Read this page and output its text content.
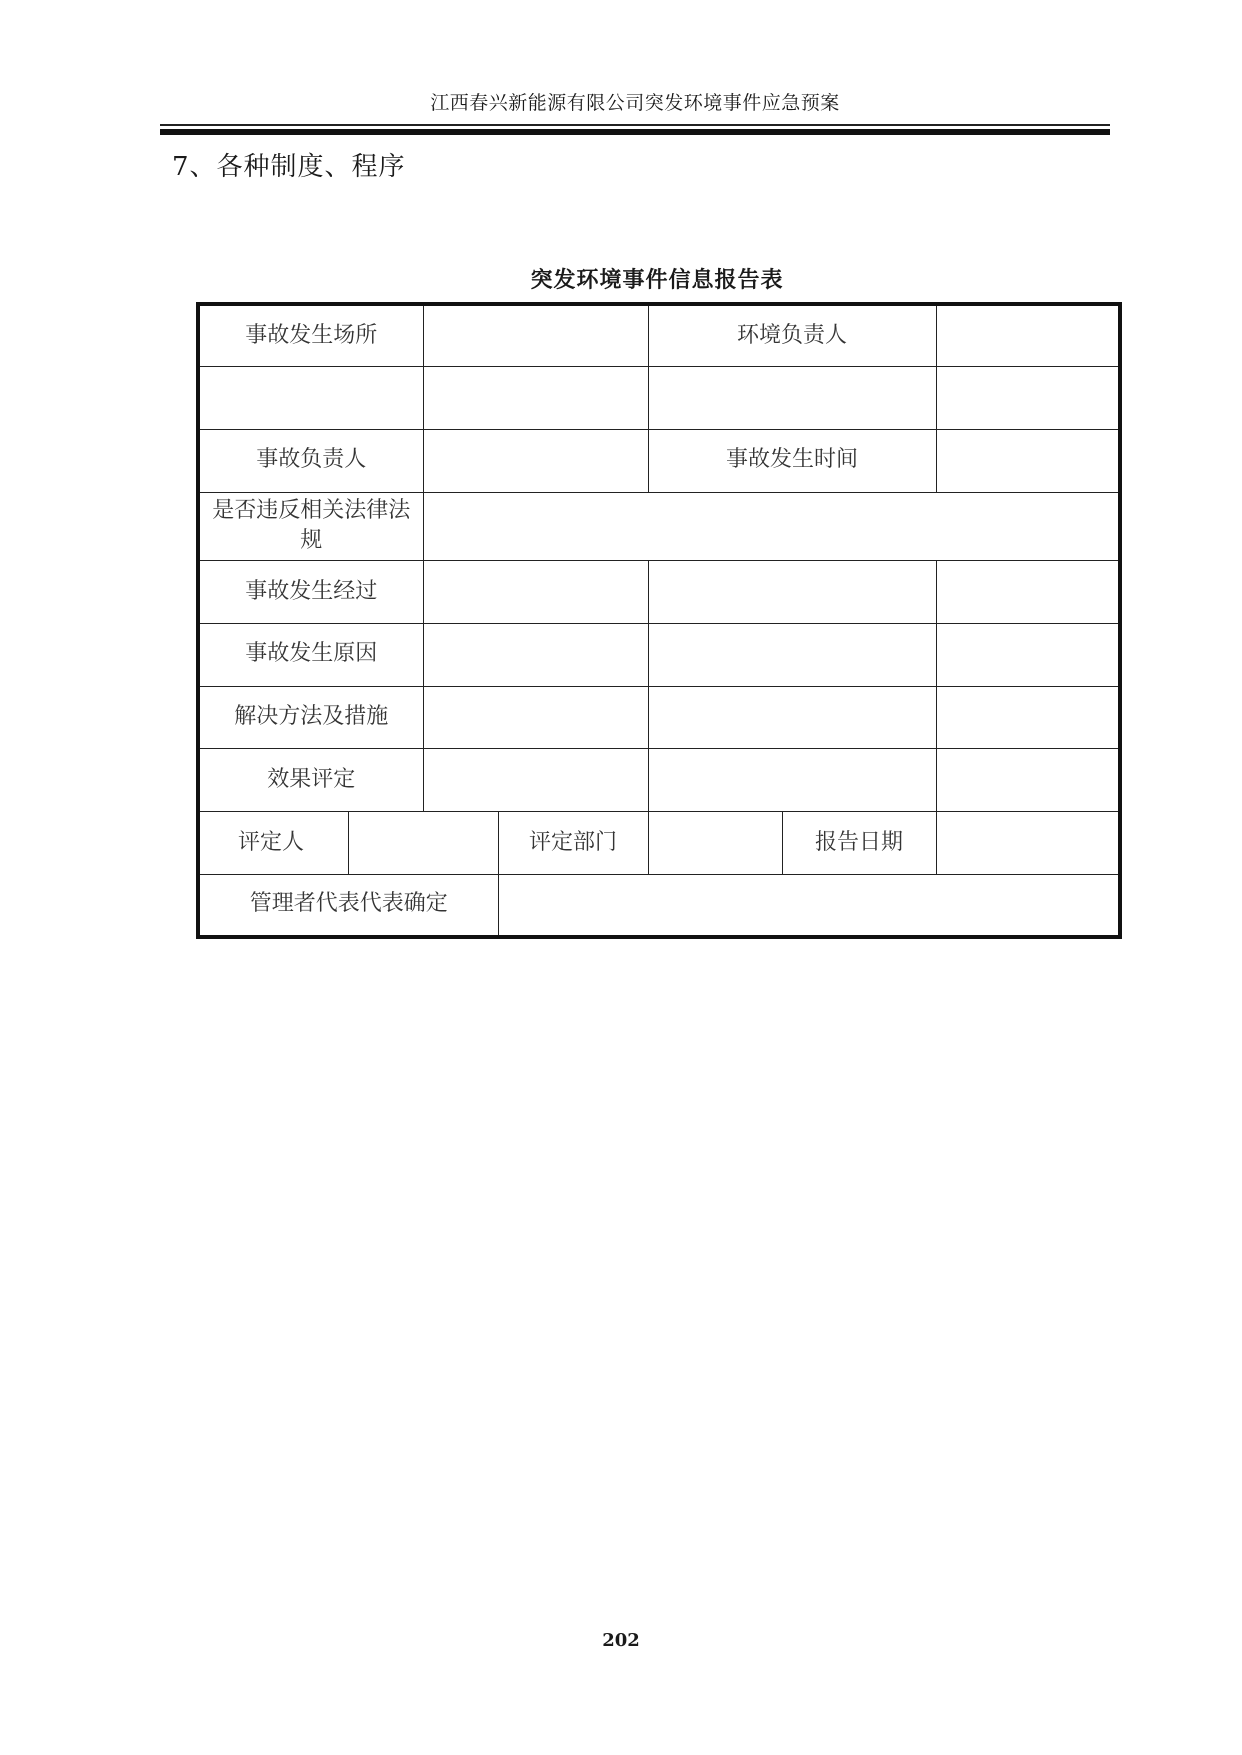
江西春兴新能源有限公司突发环境事件应急预案
7、各种制度、程序
突发环境事件信息报告表
事故发生场所				环境负责人		

事故负责人				事故发生时间		
是否违反相关法律法规						
事故发生经过						
事故发生原因						
解决方法及措施						
效果评定						
评定人			评定部门		报告日期	
管理者代表代表确定						
202
